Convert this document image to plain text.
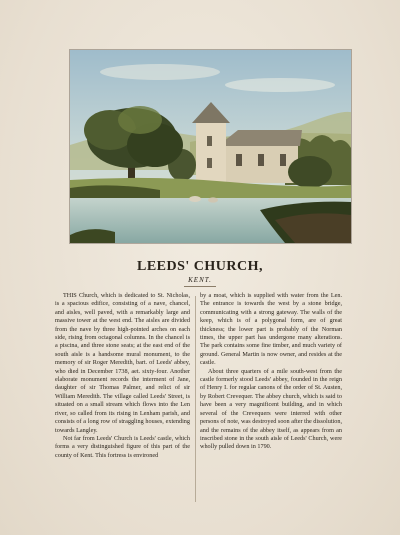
LEEDS' CHURCH,
KENT.

THIS Church, which is dedicated to St. Nicholas, is a spacious edifice, consisting of a nave, chancel, and aisles, well paved, with a remarkably large and massive tower at the west end. The aisles are divided from the nave by three high-pointed arches on each side, rising from octagonal columns. In the chancel is a piscina, and three stone seats; at the east end of the south aisle is a handsome mural monument, to the memory of sir Roger Meredith, bart. of Leeds' abbey, who died in December 1738, aet. sixty-four. Another elaborate monument records the interment of Jane, daughter of sir Thomas Palmer, and relict of sir William Meredith. The village called Leeds' Street, is situated on a small stream which flows into the Len river, so called from its rising in Lenham parish, and consists of a long row of straggling houses, extending towards Langley.

Not far from Leeds' Church is Leeds' castle, which forms a very distinguished figure of this part of the county of Kent. This fortress is environed

by a moat, which is supplied with water from the Len. The entrance is towards the west by a stone bridge, communicating with a strong gateway. The walls of the keep, which is of a polygonal form, are of great thickness; the lower part is probably of the Norman times, the upper part has undergone many alterations. The park contains some fine timber, and much variety of ground. General Martin is now owner, and resides at the castle.

About three quarters of a mile south-west from the castle formerly stood Leeds' abbey, founded in the reign of Henry I. for regular canons of the order of St. Austen, by Robert Crevequer. The abbey church, which is said to have been a very magnificent building, and in which several of the Crevequers were interred with other persons of note, was destroyed soon after the dissolution, and the remains of the abbey itself, as appears from an inscribed stone in the south aisle of Leeds' Church, were wholly pulled down in 1790.
